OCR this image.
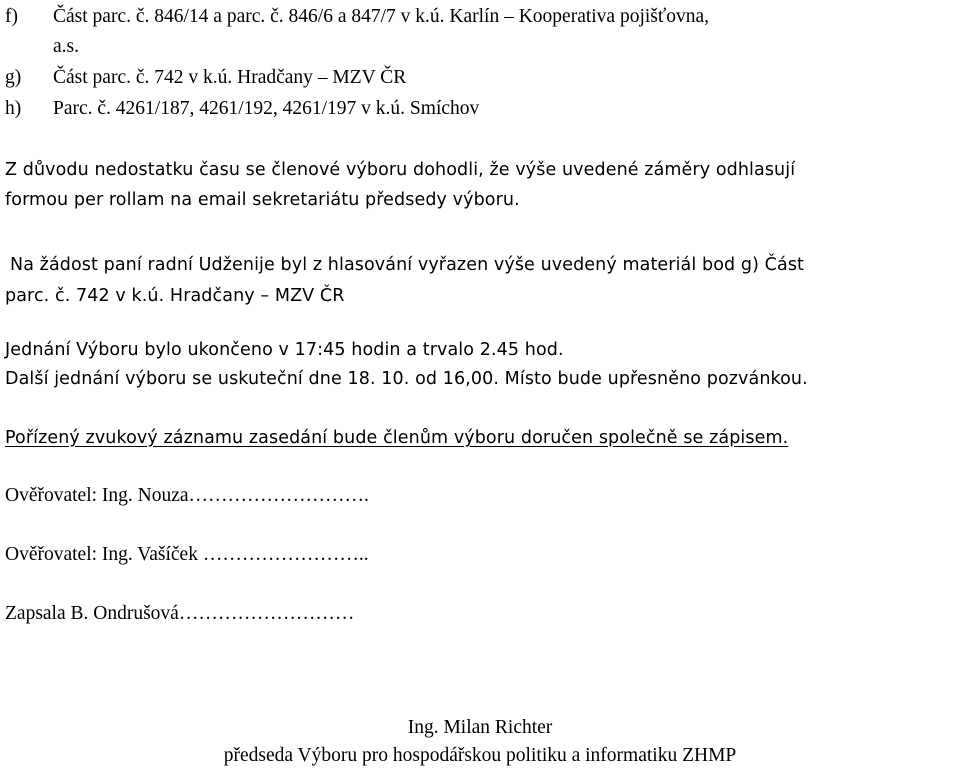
f) Část parc. č. 846/14 a parc. č. 846/6 a 847/7 v k.ú. Karlín – Kooperativa pojišťovna,
a.s.
g) Část parc. č. 742 v k.ú. Hradčany – MZV ČR
h) Parc. č. 4261/187, 4261/192, 4261/197 v k.ú. Smíchov
Z důvodu nedostatku času se členové výboru dohodli, že výše uvedené záměry odhlasují
formou per rollam na email sekretariátu předsedy výboru.
Na žádost paní radní Udženije byl z hlasování vyřazen výše uvedený materiál bod g) Část
parc. č. 742 v k.ú. Hradčany – MZV ČR
Jednání Výboru bylo ukončeno v 17:45 hodin a trvalo 2.45 hod.
Další jednání výboru se uskuteční dne 18. 10. od 16,00. Místo bude upřesněno pozvánkou.
Pořízený zvukový záznamu zasedání bude členům výboru doručen společně se zápisem.
Ověřovatel: Ing. Nouza……………………….
Ověřovatel: Ing. Vašíček ……………………..
Zapsala B. Ondrušová………………………
Ing. Milan Richter
předseda Výboru pro hospodářskou politiku a informatiku ZHMP
